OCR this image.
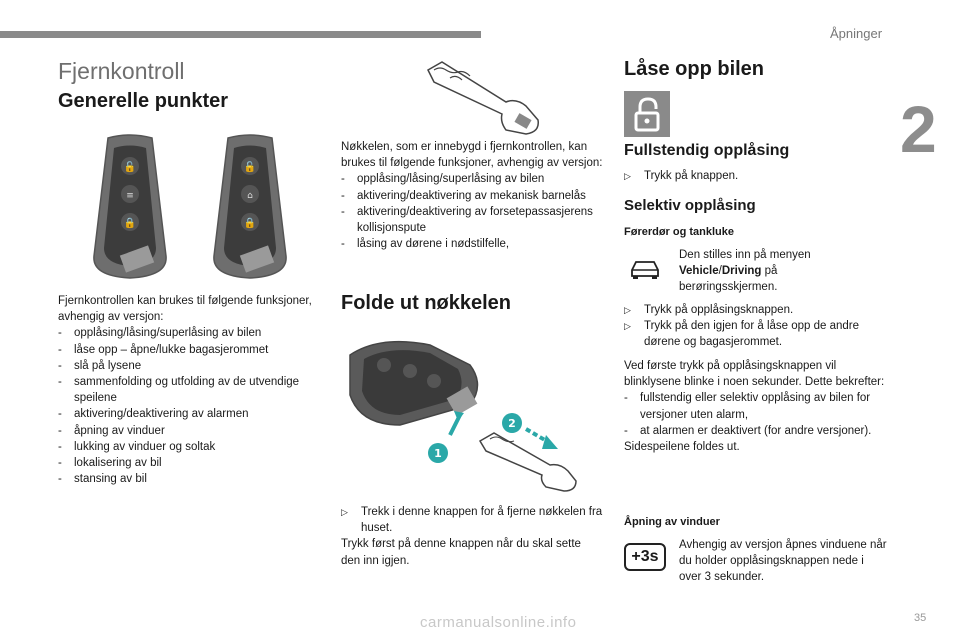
Åpninger
2
Fjernkontroll
Generelle punkter
🔓
≡
🔒
🔓
⌂
🔒

Fjernkontrollen kan brukes til følgende funksjoner, avhengig av versjon:

- opplåsing/låsing/superlåsing av bilen
- låse opp – åpne/lukke bagasjerommet
- slå på lysene
- sammenfolding og utfolding av de utvendige speilene
- aktivering/deaktivering av alarmen
- åpning av vinduer
- lukking av vinduer og soltak
- lokalisering av bil
- stansing av bil

Nøkkelen, som er innebygd i fjernkontrollen, kan brukes til følgende funksjoner, avhengig av versjon:

- opplåsing/låsing/superlåsing av bilen
- aktivering/deaktivering av mekanisk barnelås
- aktivering/deaktivering av forsetepassasjerens kollisjonspute
- låsing av dørene i nødstilfelle,
Folde ut nøkkelen
1
2
▷ Trekk i denne knappen for å fjerne nøkkelen fra huset.

Trykk først på denne knappen når du skal sette den inn igjen.

Låse opp bilen
Fullstendig opplåsing
▷ Trykk på knappen.
Selektiv opplåsing
Førerdør og tankluke

Den stilles inn på menyen
Vehicle/Driving på berøringsskjermen.

▷ Trykk på opplåsingsknappen.
▷ Trykk på den igjen for å låse opp de andre dørene og bagasjerommet.

Ved første trykk på opplåsingsknappen vil blinklysene blinke i noen sekunder. Dette bekrefter:

- fullstendig eller selektiv opplåsing av bilen for versjoner uten alarm,
- at alarmen er deaktivert (for andre versjoner).

Sidespeilene foldes ut.

Åpning av vinduer
+3s
Avhengig av versjon åpnes vinduene når du holder opplåsingsknappen nede i over 3 sekunder.
carmanualsonline.info	35
